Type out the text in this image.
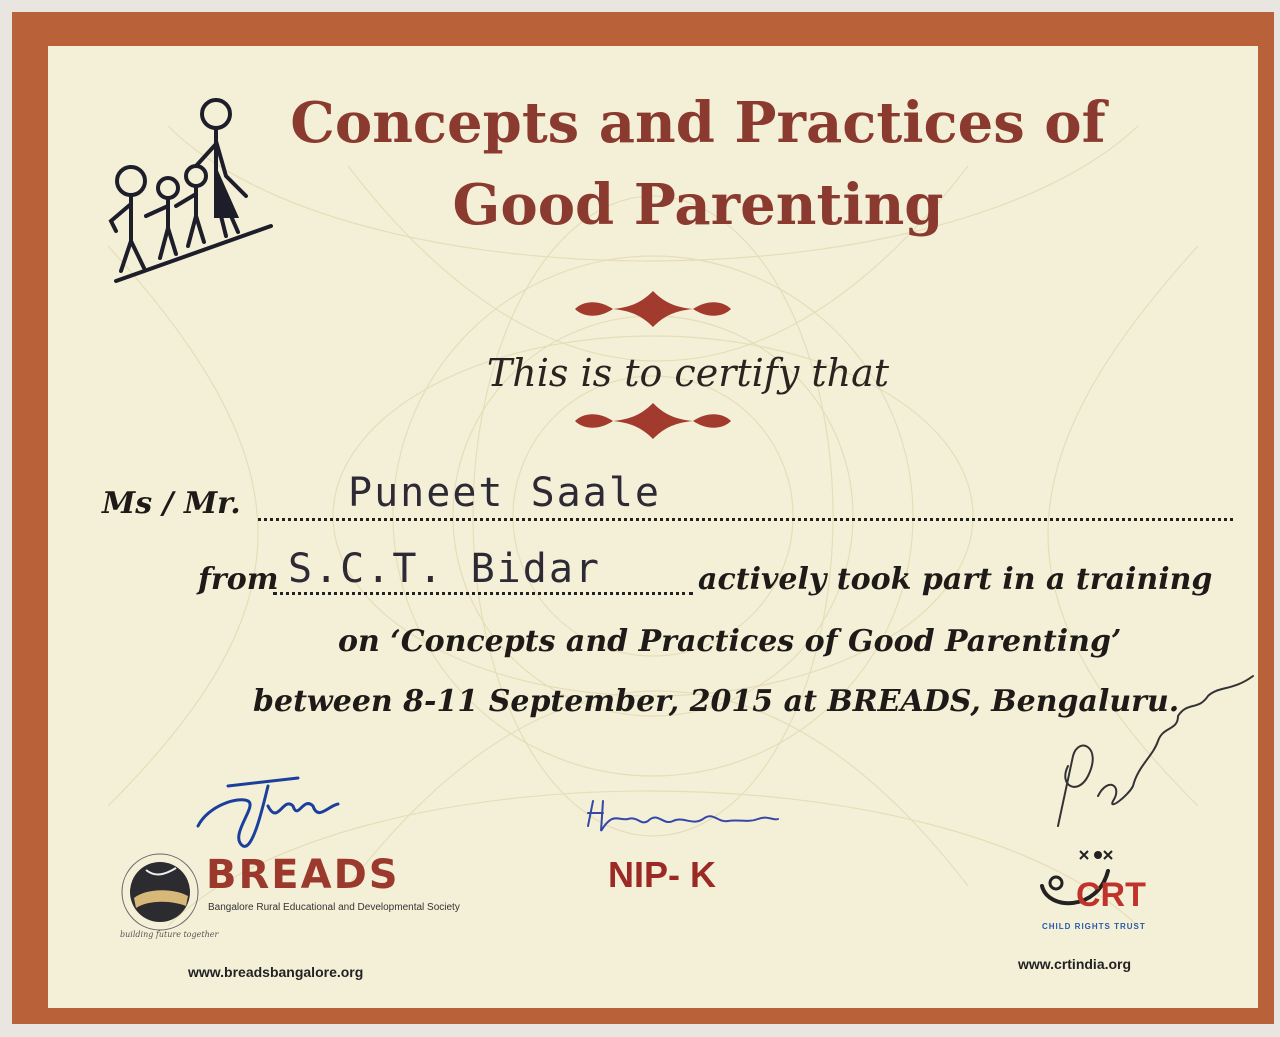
Concepts and Practices of
Good Parenting
This is to certify that
Ms / Mr.	Puneet Saale
from S.C.T. Bidar	actively took part in a training
on ‘Concepts and Practices of Good Parenting’
between 8-11 September, 2015 at BREADS, Bengaluru.
building future together
BREADS
Bangalore Rural Educational and Developmental Society
NIP- K	CRT
CHILD RIGHTS TRUST
www.breadsbangalore.org	www.crtindia.org
